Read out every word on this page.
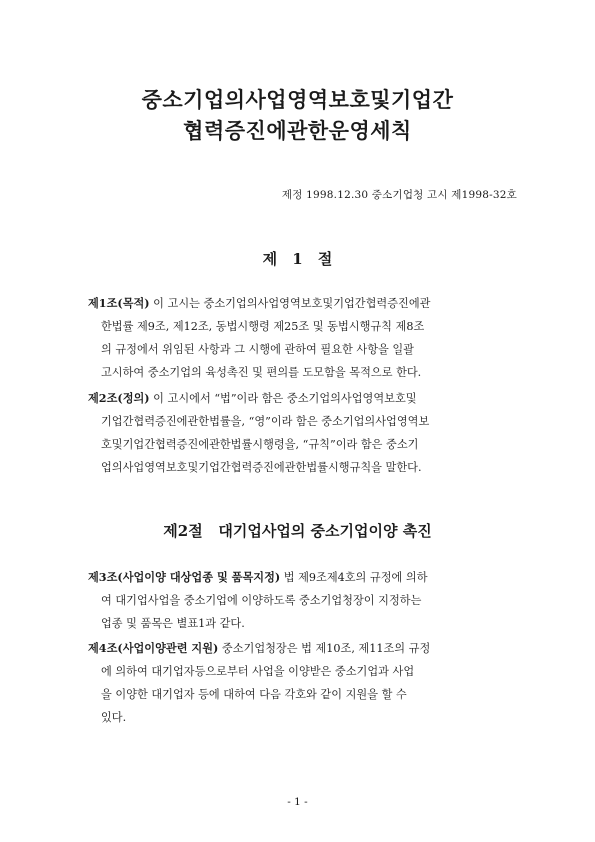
중소기업의사업영역보호및기업간
협력증진에관한운영세칙
제정 1998.12.30 중소기업청 고시 제1998-32호
제 1 절
제1조(목적) 이 고시는 중소기업의사업영역보호및기업간협력증진에관
한법률 제9조, 제12조, 동법시행령 제25조 및 동법시행규칙 제8조
의 규정에서 위임된 사항과 그 시행에 관하여 필요한 사항을 일괄
고시하여 중소기업의 육성촉진 및 편의를 도모함을 목적으로 한다.
제2조(정의) 이 고시에서 “법”이라 함은 중소기업의사업영역보호및
기업간협력증진에관한법률을, “영”이라 함은 중소기업의사업영역보
호및기업간협력증진에관한법률시행령을, “규칙”이라 함은 중소기
업의사업영역보호및기업간협력증진에관한법률시행규칙을 말한다.
제2절   대기업사업의 중소기업이양 촉진
제3조(사업이양 대상업종 및 품목지정) 법 제9조제4호의 규정에 의하
여 대기업사업을 중소기업에 이양하도록 중소기업청장이 지정하는
업종 및 품목은 별표1과 같다.
제4조(사업이양관련 지원) 중소기업청장은 법 제10조, 제11조의 규정
에 의하여 대기업자등으로부터 사업을 이양받은 중소기업과 사업
을 이양한 대기업자 등에 대하여 다음 각호와 같이 지원을 할 수
있다.
- 1 -
